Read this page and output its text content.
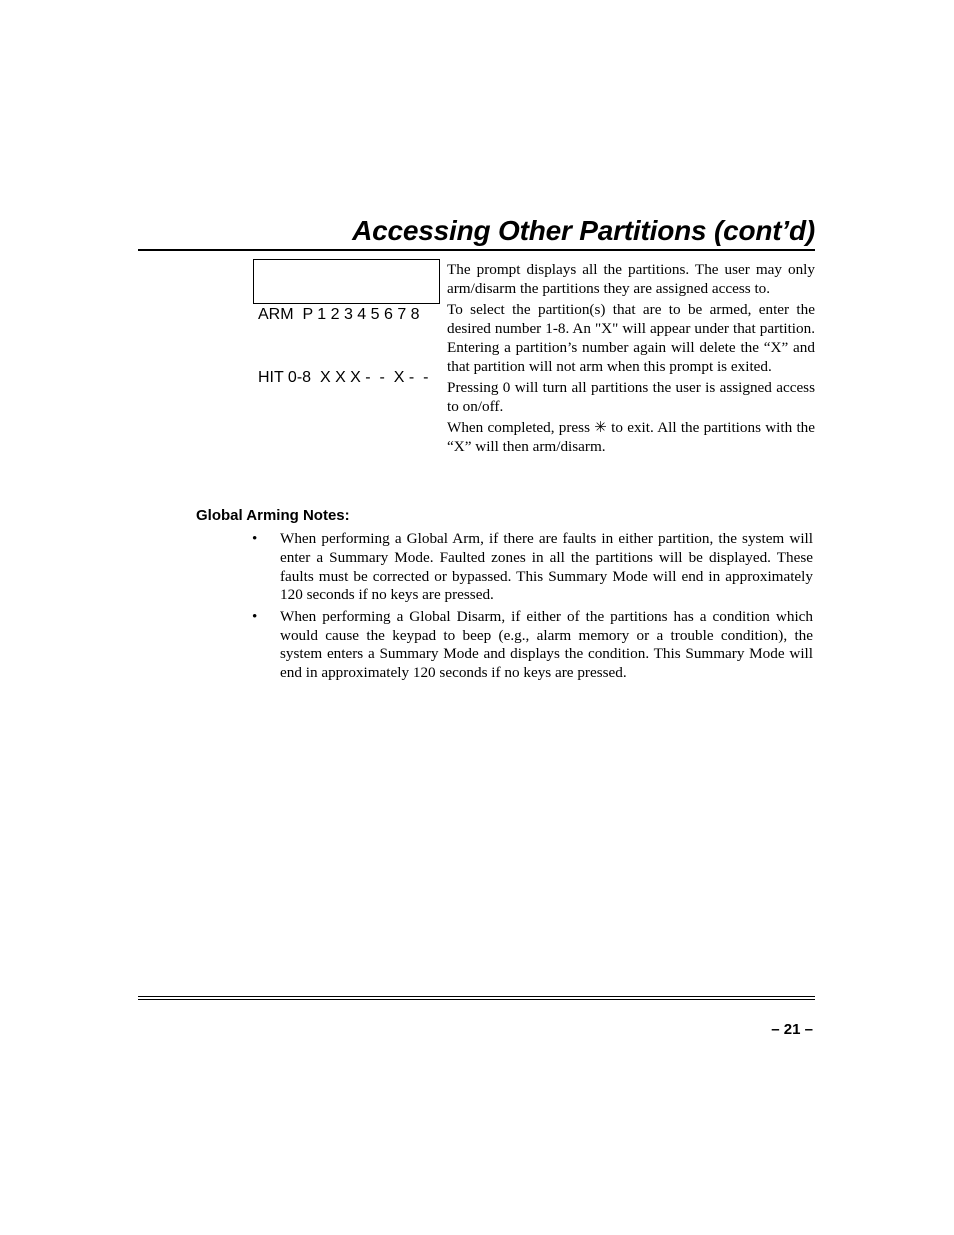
Accessing Other Partitions (cont’d)

ARM  P 1 2 3 4 5 6 7 8

HIT 0-8  X X X -  -  X -  -

The prompt displays all the partitions. The user may only arm/disarm the partitions they are assigned access to.

To select the partition(s) that are to be armed, enter the desired number 1-8. An "X" will appear under that partition. Entering a partition’s number again will delete the “X” and that partition will not arm when this prompt is exited.

Pressing 0 will turn all partitions the user is assigned access to on/off.

When completed, press ✳ to exit. All the partitions with the “X” will then arm/disarm.

Global Arming Notes:
•	When performing a Global Arm, if there are faults in either partition, the system will enter a Summary Mode. Faulted zones in all the partitions will be displayed. These faults must be corrected or bypassed. This Summary Mode will end in approximately 120 seconds if no keys are pressed.
•	When performing a Global Disarm, if either of the partitions has a condition which would cause the keypad to beep (e.g., alarm memory or a trouble condition), the system enters a Summary Mode and displays the condition. This Summary Mode will end in approximately 120 seconds if no keys are pressed.
– 21 –
